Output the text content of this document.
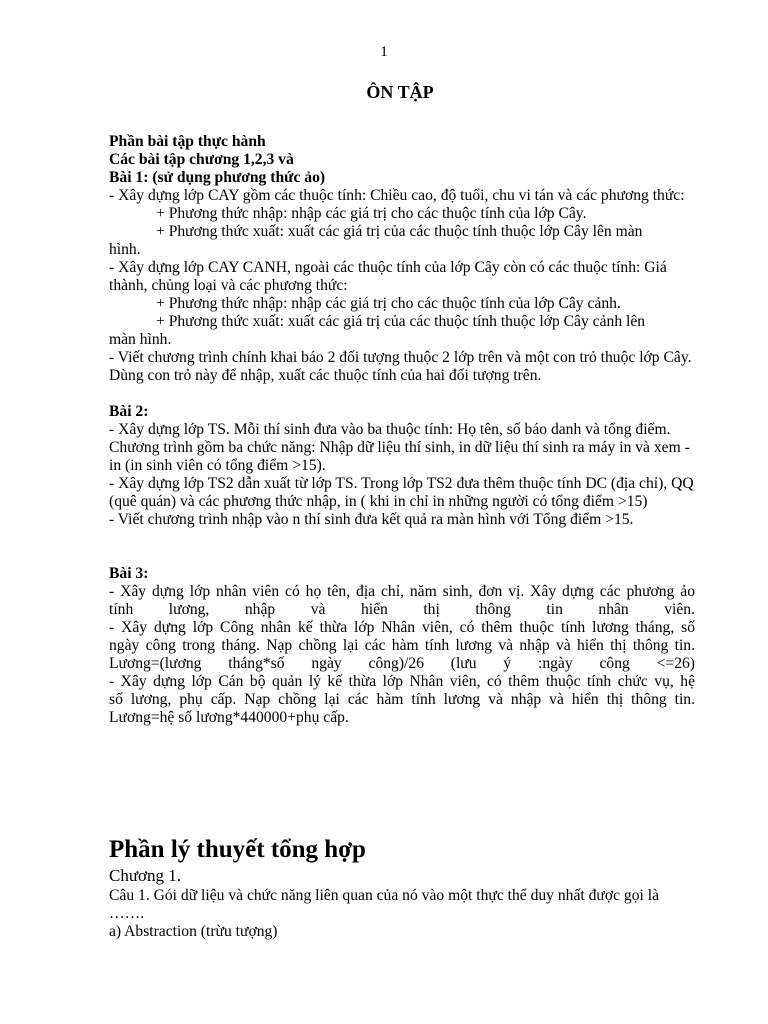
1
ÔN TẬP

Phần bài tập thực hành

Các bài tập chương 1,2,3 và

Bài 1: (sử dụng phương thức ảo)

- Xây dựng lớp CAY gồm các thuộc tính: Chiều cao, độ tuổi, chu vi tán và các phương thức:

+ Phương thức nhập: nhập các giá trị cho các thuộc tính của lớp Cây.

+ Phương thức xuất: xuất các giá trị của các thuộc tính thuộc lớp Cây lên màn

hình.

- Xây dựng lớp CAY CANH, ngoài các thuộc tính của lớp Cây còn có các thuộc tính: Giá thành, chủng loại và các phương thức:

+ Phương thức nhập: nhập các giá trị cho các thuộc tính của lớp Cây cảnh.

+ Phương thức xuất: xuất các giá trị của các thuộc tính thuộc lớp Cây cảnh lên

màn hình.

- Viết chương trình chính khai báo 2 đối tượng thuộc 2 lớp trên và một con trỏ thuộc lớp Cây. Dùng con trỏ này để nhập, xuất các thuộc tính của hai đối tượng trên.

Bài 2:

- Xây dựng lớp TS. Mỗi thí sinh đưa vào ba thuộc tính: Họ tên, số báo danh và tổng điểm. Chương trình gồm ba chức năng: Nhập dữ liệu thí sinh, in dữ liệu thí sinh ra máy in và xem - in (in sinh viên có tổng điểm >15).

- Xây dựng lớp TS2 dẫn xuất từ lớp TS. Trong lớp TS2 đưa thêm thuộc tính DC (địa chỉ), QQ (quê quán) và các phương thức nhập, in ( khi in chỉ in những người có tổng điểm >15)

- Viết chương trình nhập vào n thí sinh đưa kết quả ra màn hình với Tổng điểm >15.

Bài 3:

- Xây dựng lớp nhân viên có họ tên, địa chỉ, năm sinh, đơn vị. Xây dựng các phương ảo

tính lương, nhập và hiển thị thông tin nhân viên.

- Xây dựng lớp Công nhân kế thừa lớp Nhân viên, có thêm thuộc tính lương tháng, số

ngày công trong tháng. Nạp chồng lại các hàm tính lương và nhập và hiển thị thông tin.

Lương=(lương tháng*số ngày công)/26 (lưu ý :ngày công <=26)

- Xây dựng lớp Cán bộ quản lý kế thừa lớp Nhân viên, có thêm thuộc tính chức vụ, hệ

số lương, phụ cấp. Nạp chồng lại các hàm tính lương và nhập và hiển thị thông tin.

Lương=hệ số lương*440000+phụ cấp.

Phần lý thuyết tổng hợp

Chương 1.

Câu 1. Gói dữ liệu và chức năng liên quan của nó vào một thực thể duy nhất được gọi là …….

a) Abstraction (trừu tượng)
